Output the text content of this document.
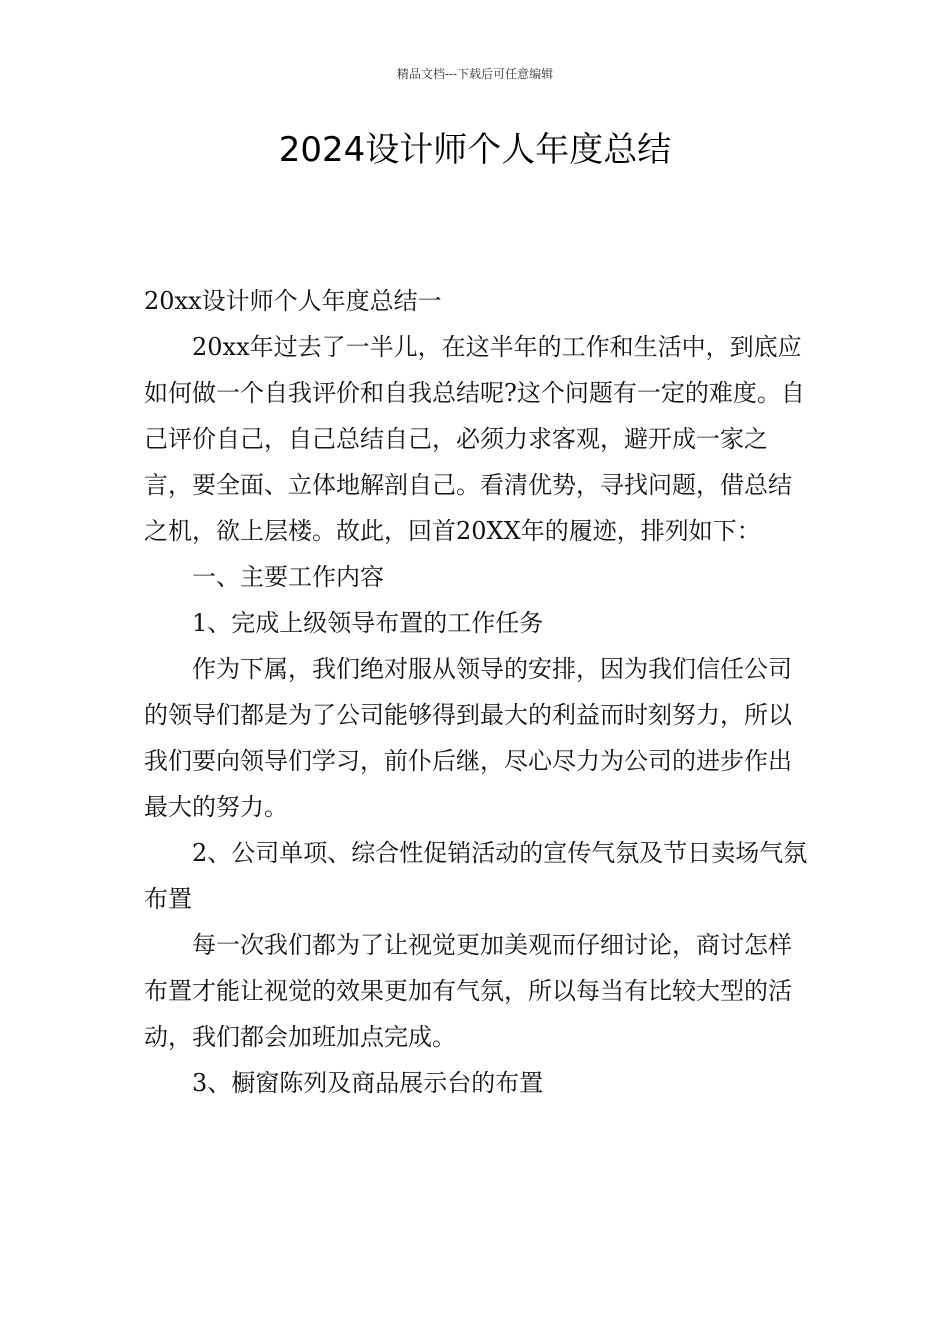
精品文档---下载后可任意编辑
2024设计师个人年度总结

20xx设计师个人年度总结一

20xx年过去了一半儿，在这半年的工作和生活中，到底应如何做一个自我评价和自我总结呢?这个问题有一定的难度。自己评价自己，自己总结自己，必须力求客观，避开成一家之言，要全面、立体地解剖自己。看清优势，寻找问题，借总结之机，欲上层楼。故此，回首20XX年的履迹，排列如下：

一、主要工作内容

1、完成上级领导布置的工作任务

作为下属，我们绝对服从领导的安排，因为我们信任公司的领导们都是为了公司能够得到最大的利益而时刻努力，所以我们要向领导们学习，前仆后继，尽心尽力为公司的进步作出最大的努力。

2、公司单项、综合性促销活动的宣传气氛及节日卖场气氛布置

每一次我们都为了让视觉更加美观而仔细讨论，商讨怎样布置才能让视觉的效果更加有气氛，所以每当有比较大型的活动，我们都会加班加点完成。

3、橱窗陈列及商品展示台的布置
